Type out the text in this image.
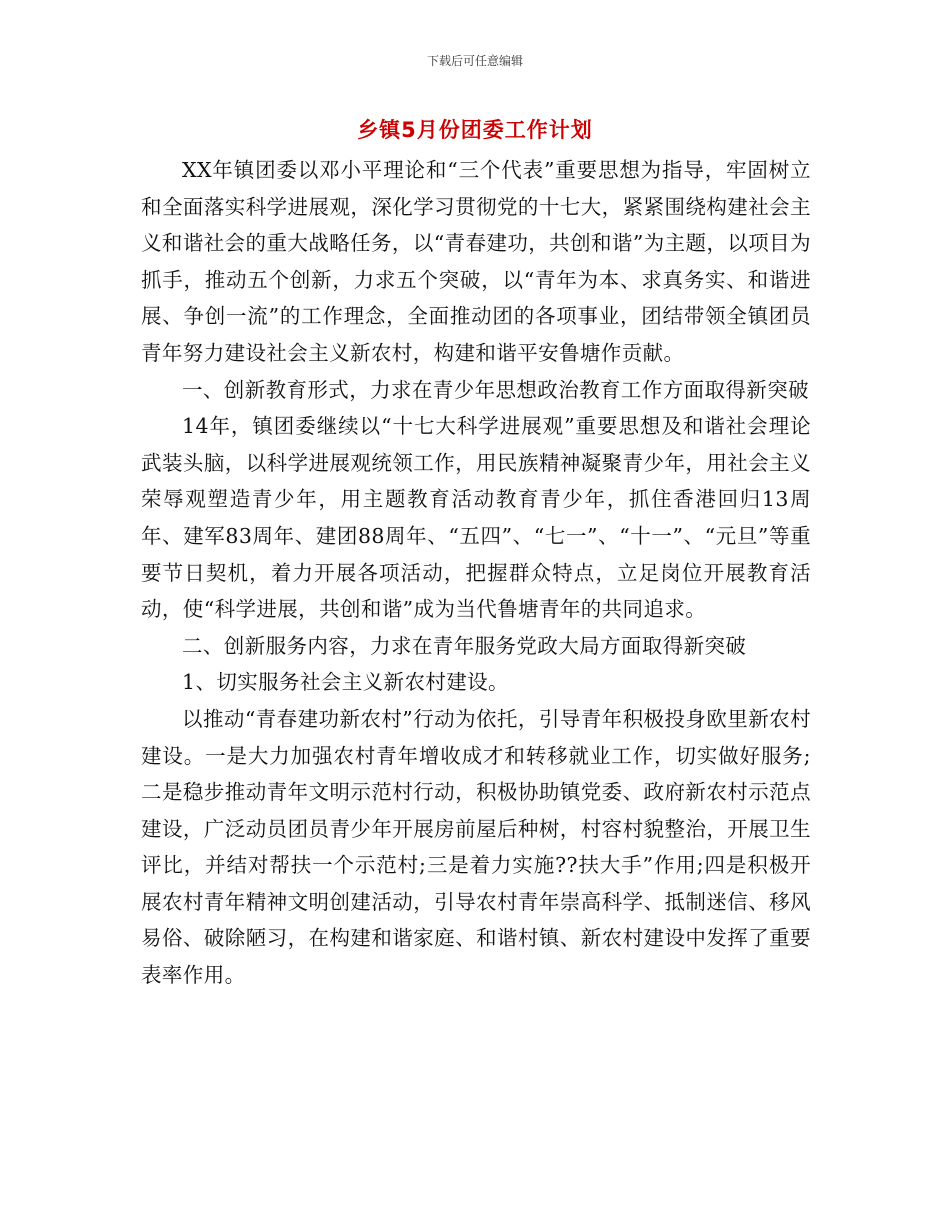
下载后可任意编辑
乡镇5月份团委工作计划

XX年镇团委以邓小平理论和“三个代表”重要思想为指导，牢固树立和全面落实科学进展观，深化学习贯彻党的十七大，紧紧围绕构建社会主义和谐社会的重大战略任务，以“青春建功，共创和谐”为主题，以项目为抓手，推动五个创新，力求五个突破，以“青年为本、求真务实、和谐进展、争创一流”的工作理念，全面推动团的各项事业，团结带领全镇团员青年努力建设社会主义新农村，构建和谐平安鲁塘作贡献。

一、创新教育形式，力求在青少年思想政治教育工作方面取得新突破

14年，镇团委继续以“十七大科学进展观”重要思想及和谐社会理论武装头脑，以科学进展观统领工作，用民族精神凝聚青少年，用社会主义荣辱观塑造青少年，用主题教育活动教育青少年，抓住香港回归13周年、建军83周年、建团88周年、“五四”、“七一”、“十一”、“元旦”等重要节日契机，着力开展各项活动，把握群众特点，立足岗位开展教育活动，使“科学进展，共创和谐”成为当代鲁塘青年的共同追求。

二、创新服务内容，力求在青年服务党政大局方面取得新突破

1、切实服务社会主义新农村建设。

以推动“青春建功新农村”行动为依托，引导青年积极投身欧里新农村建设。一是大力加强农村青年增收成才和转移就业工作，切实做好服务;二是稳步推动青年文明示范村行动，积极协助镇党委、政府新农村示范点建设，广泛动员团员青少年开展房前屋后种树，村容村貌整治，开展卫生评比，并结对帮扶一个示范村;三是着力实施??扶大手”作用;四是积极开展农村青年精神文明创建活动，引导农村青年崇高科学、抵制迷信、移风易俗、破除陋习，在构建和谐家庭、和谐村镇、新农村建设中发挥了重要表率作用。
